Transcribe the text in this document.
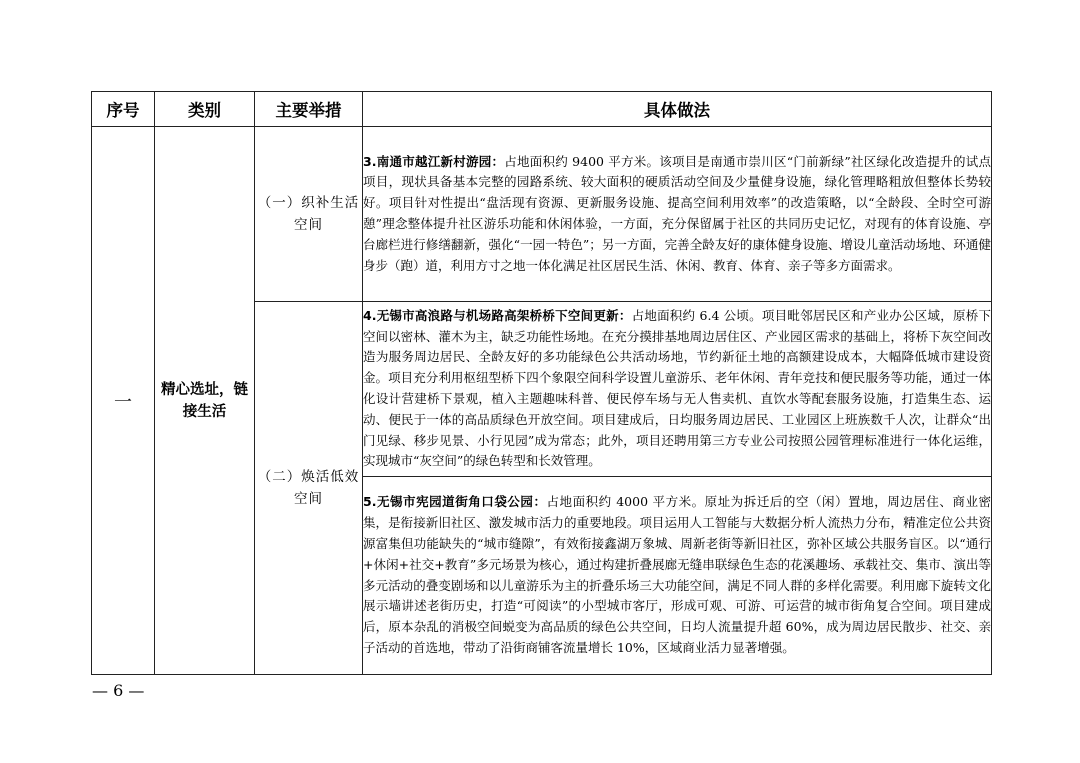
序号	类别	主要举措	具体做法
一	精心选址，链接生活	（一）织补生活空间	3.南通市越江新村游园：占地面积约 9400 平方米。该项目是南通市崇川区“门前新绿”社区绿化改造提升的试点项目，现状具备基本完整的园路系统、较大面积的硬质活动空间及少量健身设施，绿化管理略粗放但整体长势较好。项目针对性提出“盘活现有资源、更新服务设施、提高空间利用效率”的改造策略，以“全龄段、全时空可游憩”理念整体提升社区游乐功能和休闲体验，一方面，充分保留属于社区的共同历史记忆，对现有的体育设施、亭台廊栏进行修缮翻新，强化“一园一特色”；另一方面，完善全龄友好的康体健身设施、增设儿童活动场地、环通健身步（跑）道，利用方寸之地一体化满足社区居民生活、休闲、教育、体育、亲子等多方面需求。
		（二）焕活低效空间	4.无锡市高浪路与机场路高架桥桥下空间更新：占地面积约 6.4 公顷。项目毗邻居民区和产业办公区域，原桥下空间以密林、灌木为主，缺乏功能性场地。在充分摸排基地周边居住区、产业园区需求的基础上，将桥下灰空间改造为服务周边居民、全龄友好的多功能绿色公共活动场地，节约新征土地的高额建设成本，大幅降低城市建设资金。项目充分利用枢纽型桥下四个象限空间科学设置儿童游乐、老年休闲、青年竞技和便民服务等功能，通过一体化设计营建桥下景观，植入主题趣味科普、便民停车场与无人售卖机、直饮水等配套服务设施，打造集生态、运动、便民于一体的高品质绿色开放空间。项目建成后，日均服务周边居民、工业园区上班族数千人次，让群众“出门见绿、移步见景、小行见园”成为常态；此外，项目还聘用第三方专业公司按照公园管理标准进行一体化运维，实现城市“灰空间”的绿色转型和长效管理。
			5.无锡市宪园道街角口袋公园：占地面积约 4000 平方米。原址为拆迁后的空（闲）置地，周边居住、商业密集，是衔接新旧社区、激发城市活力的重要地段。项目运用人工智能与大数据分析人流热力分布，精准定位公共资源富集但功能缺失的“城市缝隙”，有效衔接鑫湖万象城、周新老街等新旧社区，弥补区域公共服务盲区。以“通行+休闲+社交+教育”多元场景为核心，通过构建折叠展廊无缝串联绿色生态的花溪趣场、承载社交、集市、演出等多元活动的叠变剧场和以儿童游乐为主的折叠乐场三大功能空间，满足不同人群的多样化需要。利用廊下旋转文化展示墙讲述老街历史，打造“可阅读”的小型城市客厅，形成可观、可游、可运营的城市街角复合空间。项目建成后，原本杂乱的消极空间蜕变为高品质的绿色公共空间，日均人流量提升超 60%，成为周边居民散步、社交、亲子活动的首选地，带动了沿街商铺客流量增长 10%，区域商业活力显著增强。
— 6 —
